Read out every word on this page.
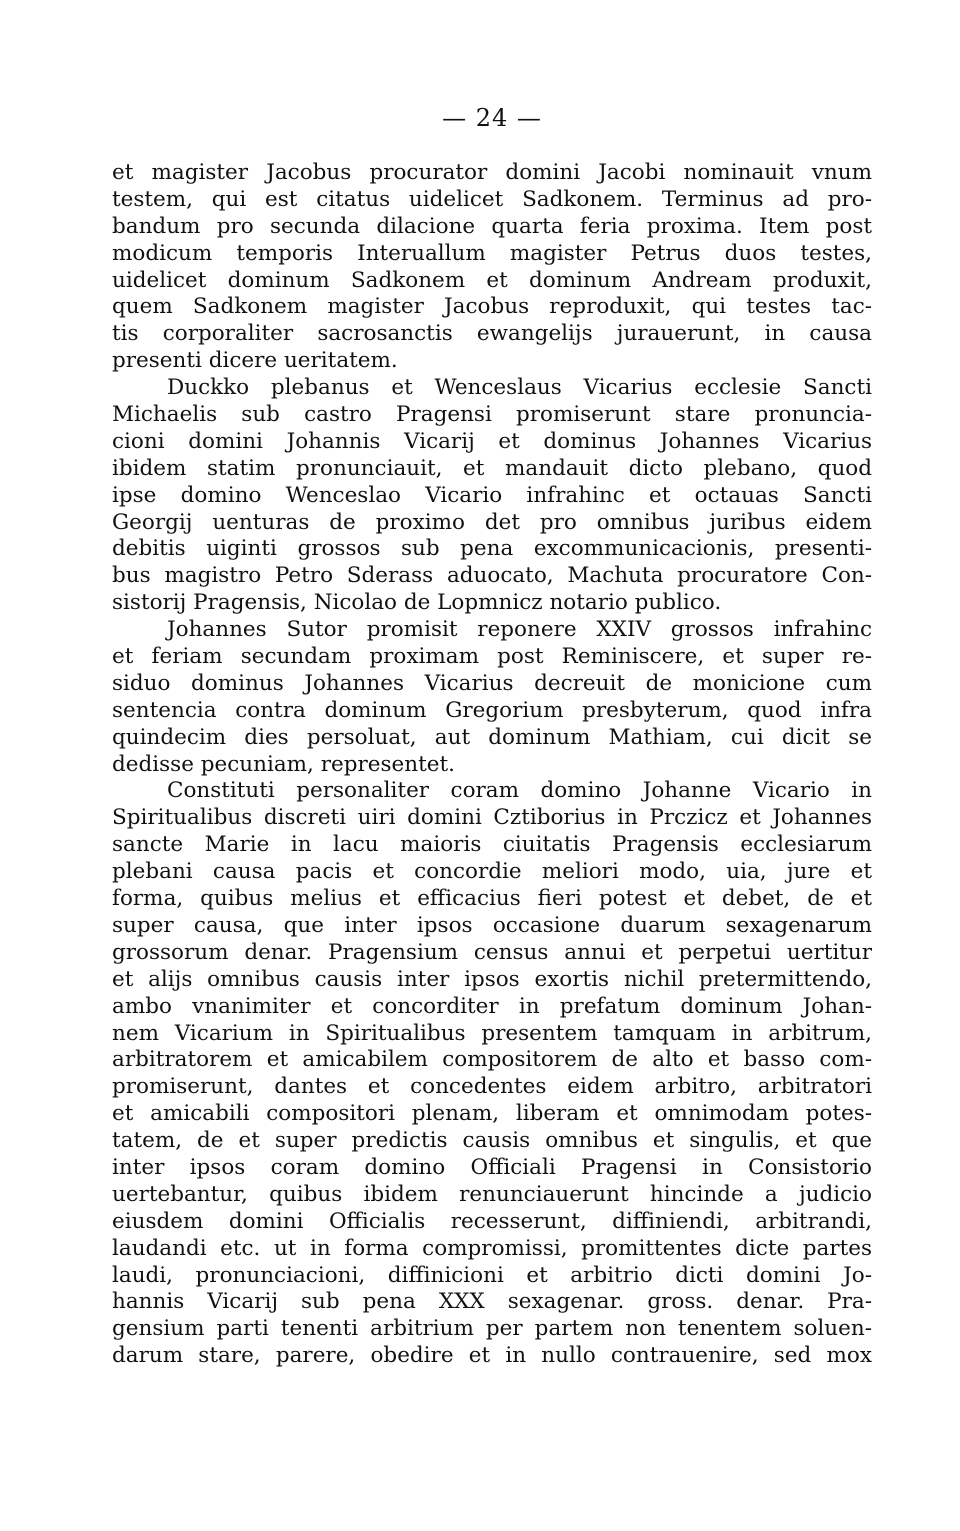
— 24 —
et magister Jacobus procurator domini Jacobi nominauit vnum
testem, qui est citatus uidelicet Sadkonem. Terminus ad pro-
bandum pro secunda dilacione quarta feria proxima. Item post
modicum temporis Interuallum magister Petrus duos testes,
uidelicet dominum Sadkonem et dominum Andream produxit,
quem Sadkonem magister Jacobus reproduxit, qui testes tac-
tis corporaliter sacrosanctis ewangelijs jurauerunt, in causa
presenti dicere ueritatem.
Duckko plebanus et Wenceslaus Vicarius ecclesie Sancti
Michaelis sub castro Pragensi promiserunt stare pronuncia-
cioni domini Johannis Vicarij et dominus Johannes Vicarius
ibidem statim pronunciauit, et mandauit dicto plebano, quod
ipse domino Wenceslao Vicario infrahinc et octauas Sancti
Georgij uenturas de proximo det pro omnibus juribus eidem
debitis uiginti grossos sub pena excommunicacionis, presenti-
bus magistro Petro Sderass aduocato, Machuta procuratore Con-
sistorij Pragensis, Nicolao de Lopmnicz notario publico.
Johannes Sutor promisit reponere XXIV grossos infrahinc
et feriam secundam proximam post Reminiscere, et super re-
siduo dominus Johannes Vicarius decreuit de monicione cum
sentencia contra dominum Gregorium presbyterum, quod infra
quindecim dies persoluat, aut dominum Mathiam, cui dicit se
dedisse pecuniam, representet.
Constituti personaliter coram domino Johanne Vicario in
Spiritualibus discreti uiri domini Cztiborius in Prczicz et Johannes
sancte Marie in lacu maioris ciuitatis Pragensis ecclesiarum
plebani causa pacis et concordie meliori modo, uia, jure et
forma, quibus melius et efficacius fieri potest et debet, de et
super causa, que inter ipsos occasione duarum sexagenarum
grossorum denar. Pragensium census annui et perpetui uertitur
et alijs omnibus causis inter ipsos exortis nichil pretermittendo,
ambo vnanimiter et concorditer in prefatum dominum Johan-
nem Vicarium in Spiritualibus presentem tamquam in arbitrum,
arbitratorem et amicabilem compositorem de alto et basso com-
promiserunt, dantes et concedentes eidem arbitro, arbitratori
et amicabili compositori plenam, liberam et omnimodam potes-
tatem, de et super predictis causis omnibus et singulis, et que
inter ipsos coram domino Officiali Pragensi in Consistorio
uertebantur, quibus ibidem renunciauerunt hincinde a judicio
eiusdem domini Officialis recesserunt, diffiniendi, arbitrandi,
laudandi etc. ut in forma compromissi, promittentes dicte partes
laudi, pronunciacioni, diffinicioni et arbitrio dicti domini Jo-
hannis Vicarij sub pena XXX sexagenar. gross. denar. Pra-
gensium parti tenenti arbitrium per partem non tenentem soluen-
darum stare, parere, obedire et in nullo contrauenire, sed mox
